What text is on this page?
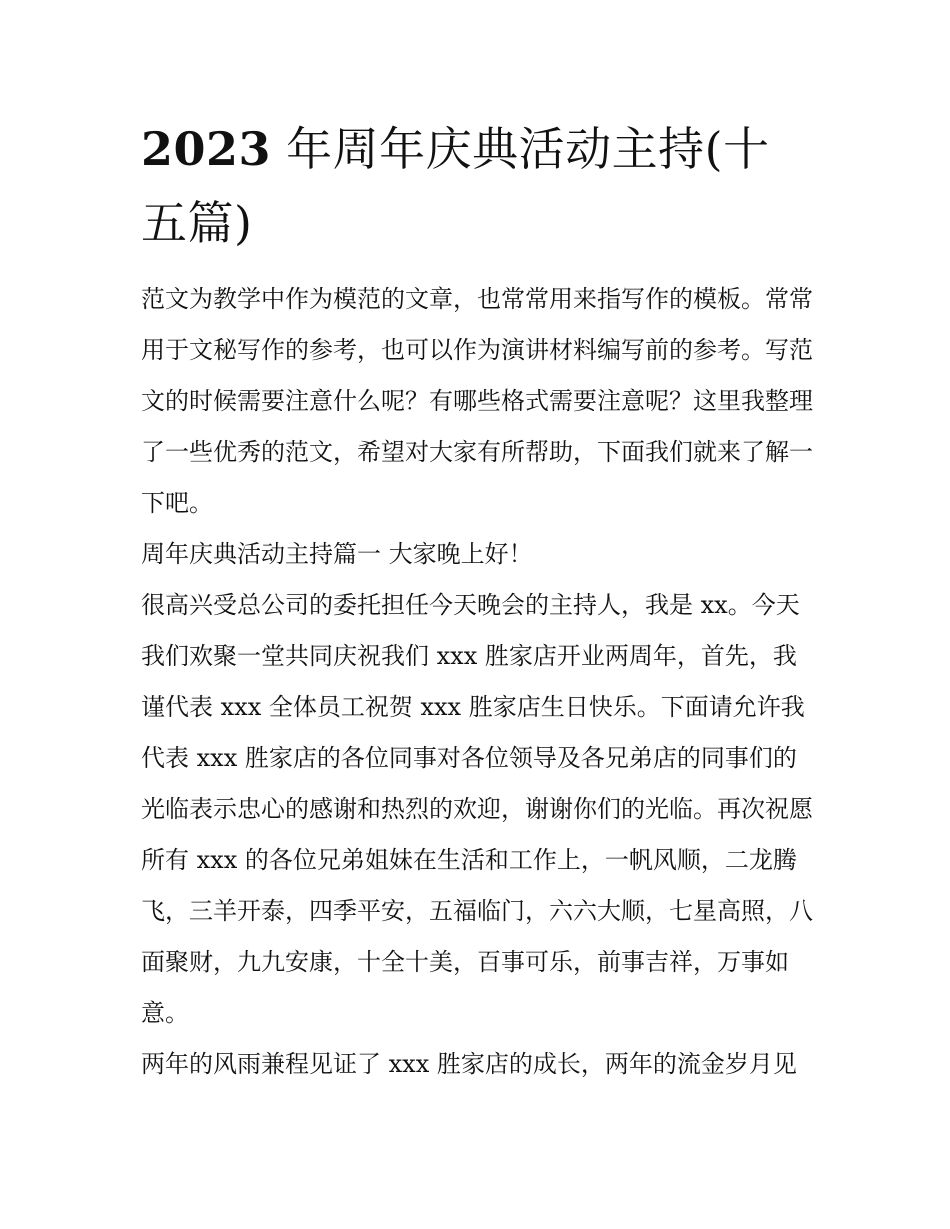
2023 年周年庆典活动主持(十五篇)

范文为教学中作为模范的文章，也常常用来指写作的模板。常常用于文秘写作的参考，也可以作为演讲材料编写前的参考。写范文的时候需要注意什么呢？有哪些格式需要注意呢？这里我整理了一些优秀的范文，希望对大家有所帮助，下面我们就来了解一下吧。

周年庆典活动主持篇一 大家晚上好！

很高兴受总公司的委托担任今天晚会的主持人，我是 xx。今天我们欢聚一堂共同庆祝我们 xxx 胜家店开业两周年，首先，我谨代表 xxx 全体员工祝贺 xxx 胜家店生日快乐。下面请允许我代表 xxx 胜家店的各位同事对各位领导及各兄弟店的同事们的光临表示忠心的感谢和热烈的欢迎，谢谢你们的光临。再次祝愿所有 xxx 的各位兄弟姐妹在生活和工作上，一帆风顺，二龙腾飞，三羊开泰，四季平安，五福临门，六六大顺，七星高照，八面聚财，九九安康，十全十美，百事可乐，前事吉祥，万事如意。

两年的风雨兼程见证了 xxx 胜家店的成长，两年的流金岁月见
